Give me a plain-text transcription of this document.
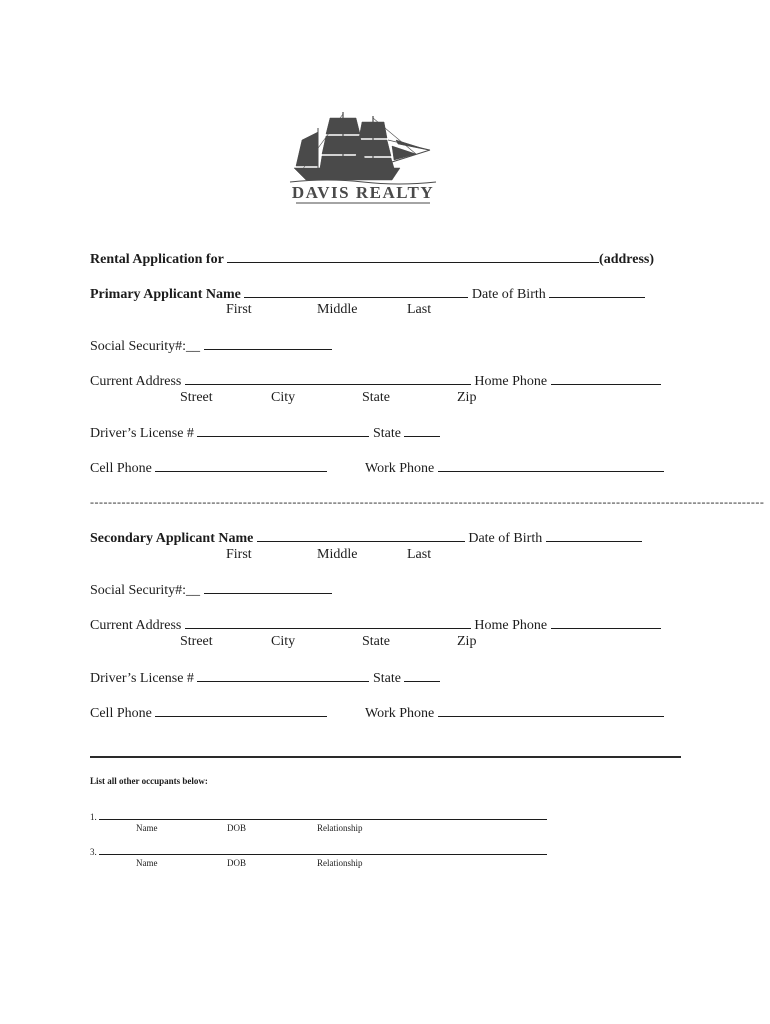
DAVIS REALTY
Rental Application for	(address)
Primary Applicant Name	Date of Birth
First	Middle	Last
Social Security#:__
Current Address	Home Phone
Street	City	State	Zip
Driver’s License #	State
Cell Phone	Work Phone
------------------------------------------------------------------------------------------------------------------------------------------------------
Secondary Applicant Name	Date of Birth
First	Middle	Last
Social Security#:__
Current Address	Home Phone
Street	City	State	Zip
Driver’s License #	State
Cell Phone	Work Phone
List all other occupants below:
1.
Name	DOB	Relationship
3.
Name	DOB	Relationship
